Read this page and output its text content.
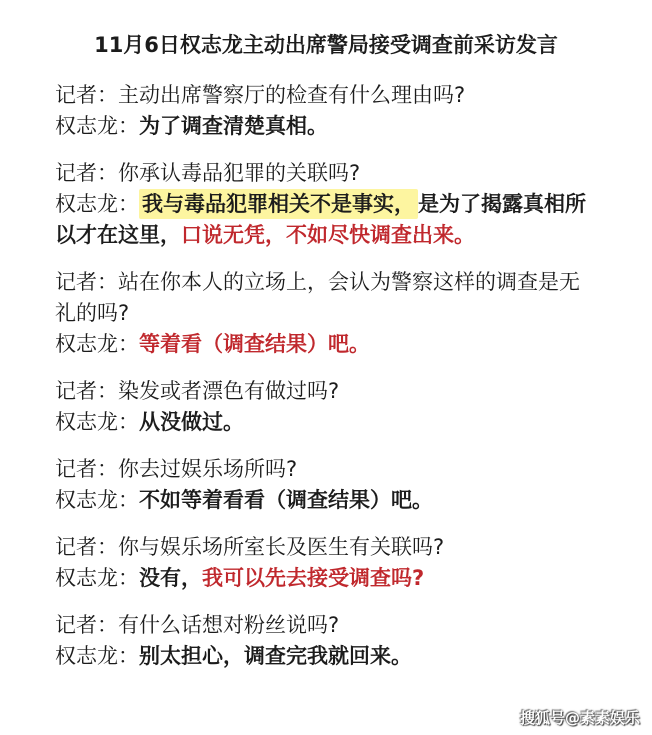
11月6日权志龙主动出席警局接受调查前采访发言
记者：主动出席警察厅的检查有什么理由吗?
权志龙：为了调查清楚真相。
记者：你承认毒品犯罪的关联吗?
权志龙： 我与毒品犯罪相关不是事实， 是为了揭露真相所
以才在这里，口说无凭，不如尽快调查出来。
记者：站在你本人的立场上，会认为警察这样的调查是无
礼的吗?
权志龙：等着看（调查结果）吧。
记者：染发或者漂色有做过吗?
权志龙：从没做过。
记者：你去过娱乐场所吗?
权志龙：不如等着看看（调查结果）吧。
记者：你与娱乐场所室长及医生有关联吗?
权志龙：没有，我可以先去接受调查吗?
记者：有什么话想对粉丝说吗?
权志龙：别太担心，调查完我就回来。
搜狐号@素素娱乐
